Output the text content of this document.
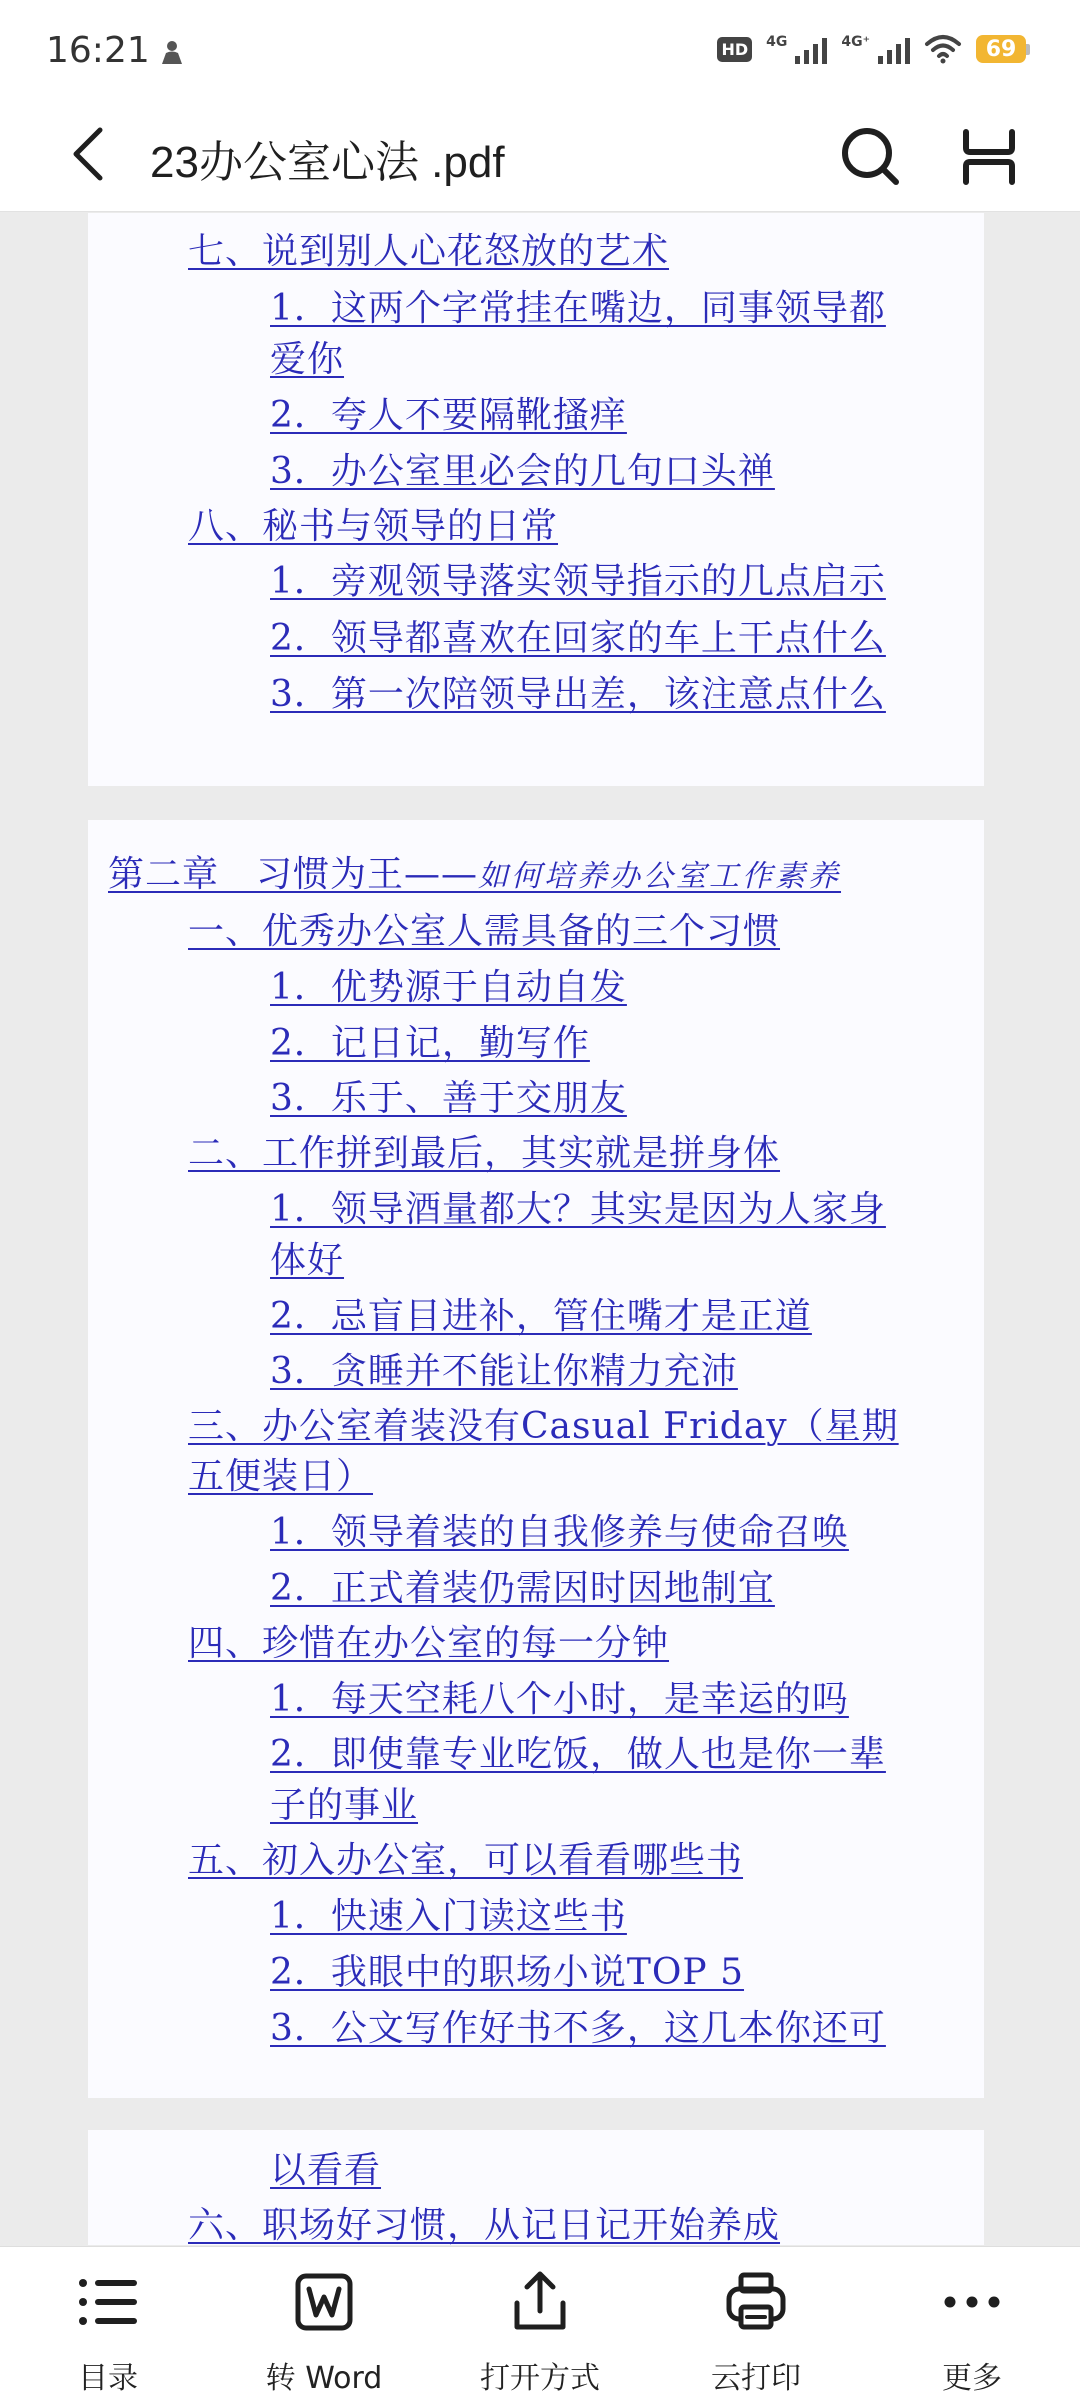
16:21	HD 4G	4G⁺	69
23办公室心法 .pdf
七、说到别人心花怒放的艺术
1．这两个字常挂在嘴边，同事领导都
爱你
2．夸人不要隔靴搔痒
3．办公室里必会的几句口头禅
八、秘书与领导的日常
1．旁观领导落实领导指示的几点启示
2．领导都喜欢在回家的车上干点什么
3．第一次陪领导出差，该注意点什么
第二章　习惯为王——如何培养办公室工作素养
一、优秀办公室人需具备的三个习惯
1．优势源于自动自发
2．记日记，勤写作
3．乐于、善于交朋友
二、工作拼到最后，其实就是拼身体
1．领导酒量都大？其实是因为人家身
体好
2．忌盲目进补，管住嘴才是正道
3．贪睡并不能让你精力充沛
三、办公室着装没有Casual Friday（星期
五便装日）
1．领导着装的自我修养与使命召唤
2．正式着装仍需因时因地制宜
四、珍惜在办公室的每一分钟
1．每天空耗八个小时，是幸运的吗
2．即使靠专业吃饭，做人也是你一辈
子的事业
五、初入办公室，可以看看哪些书
1．快速入门读这些书
2．我眼中的职场小说TOP 5
3．公文写作好书不多，这几本你还可
以看看
六、职场好习惯，从记日记开始养成
目录	转 Word	打开方式	云打印	更多
